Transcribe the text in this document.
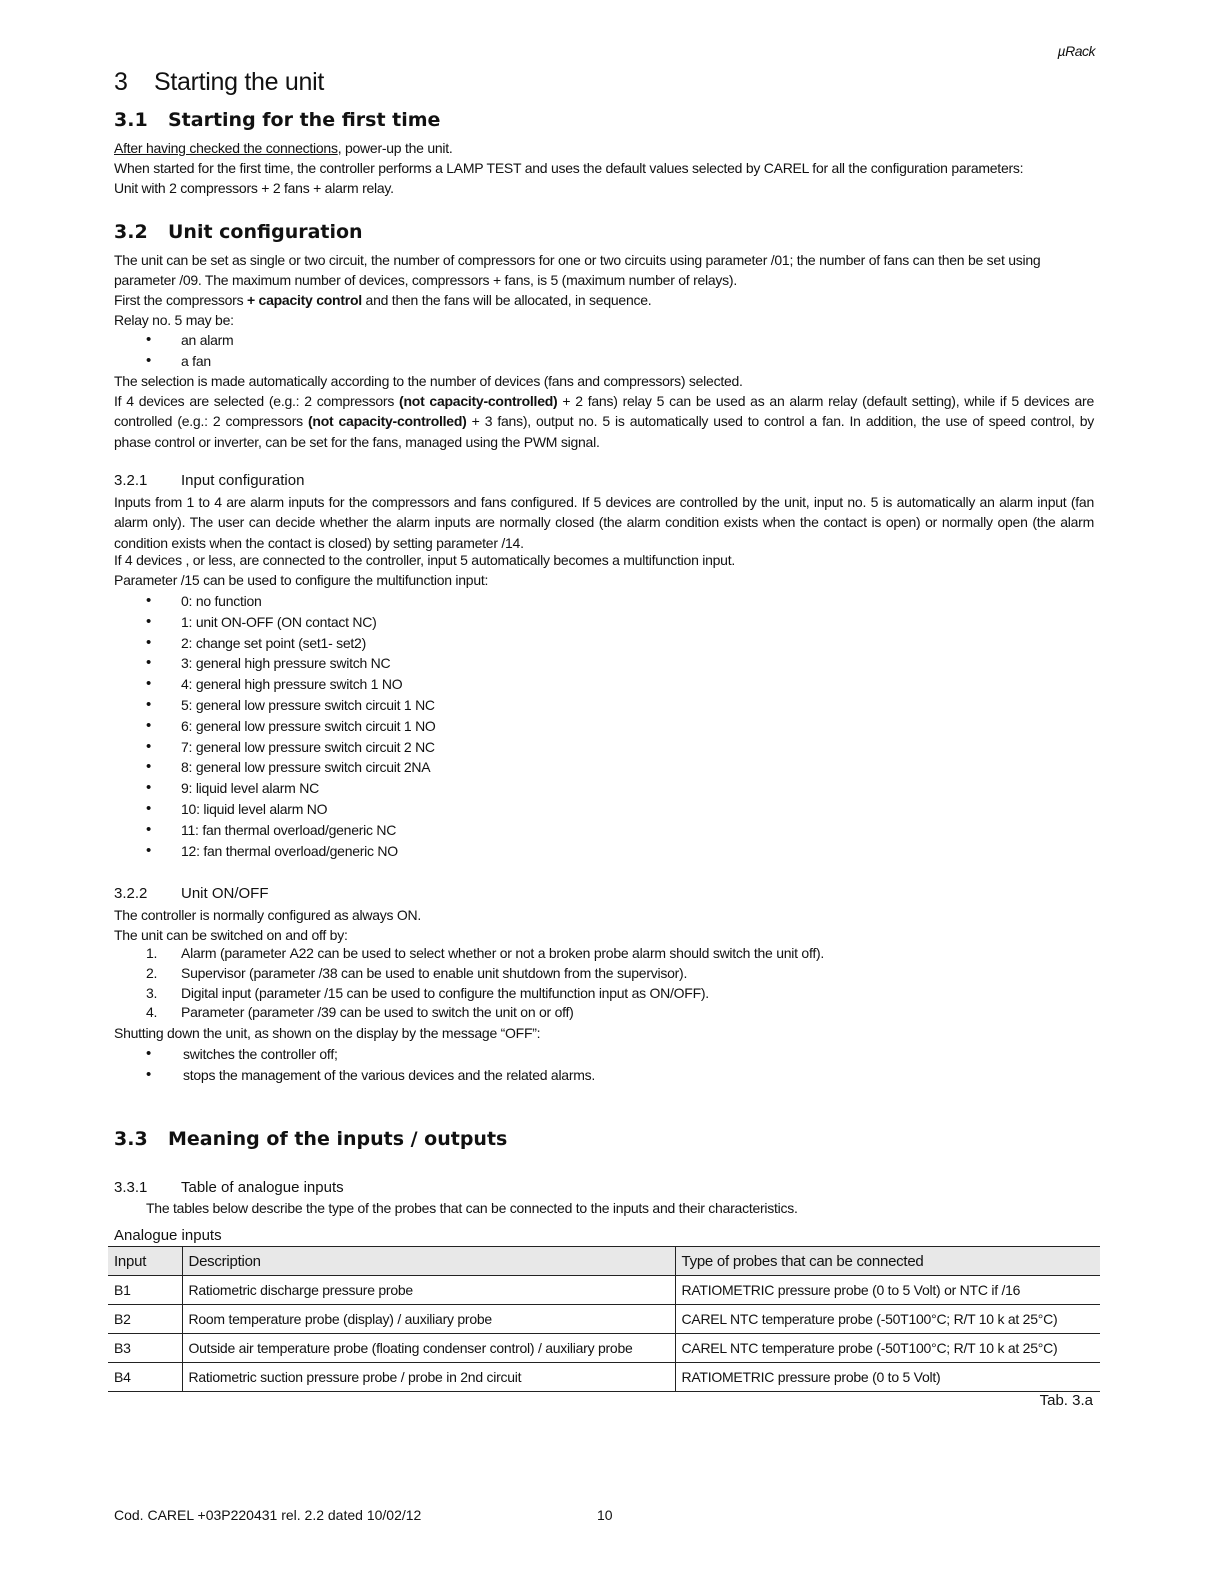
µRack
3 Starting the unit
3.1 Starting for the first time
After having checked the connections, power-up the unit.
When started for the first time, the controller performs a LAMP TEST and uses the default values selected by CAREL for all the configuration parameters:
Unit with 2 compressors + 2 fans + alarm relay.
3.2 Unit configuration
The unit can be set as single or two circuit, the number of compressors for one or two circuits using parameter /01; the number of fans can then be set using parameter /09. The maximum number of devices, compressors + fans, is 5 (maximum number of relays).
First the compressors + capacity control and then the fans will be allocated, in sequence.
Relay no. 5 may be:
• an alarm
• a fan
The selection is made automatically according to the number of devices (fans and compressors) selected.
If 4 devices are selected (e.g.: 2 compressors (not capacity-controlled) + 2 fans) relay 5 can be used as an alarm relay (default setting), while if 5 devices are controlled (e.g.: 2 compressors (not capacity-controlled) + 3 fans), output no. 5 is automatically used to control a fan. In addition, the use of speed control, by phase control or inverter, can be set for the fans, managed using the PWM signal.
3.2.1 Input configuration
Inputs from 1 to 4 are alarm inputs for the compressors and fans configured. If 5 devices are controlled by the unit, input no. 5 is automatically an alarm input (fan alarm only). The user can decide whether the alarm inputs are normally closed (the alarm condition exists when the contact is open) or normally open (the alarm condition exists when the contact is closed) by setting parameter /14.
If 4 devices , or less, are connected to the controller, input 5 automatically becomes a multifunction input.
Parameter /15 can be used to configure the multifunction input:
• 0: no function
• 1: unit ON-OFF (ON contact NC)
• 2: change set point (set1- set2)
• 3: general high pressure switch NC
• 4: general high pressure switch 1 NO
• 5: general low pressure switch circuit 1 NC
• 6: general low pressure switch circuit 1 NO
• 7: general low pressure switch circuit 2 NC
• 8: general low pressure switch circuit 2NA
• 9: liquid level alarm NC
• 10: liquid level alarm NO
• 11: fan thermal overload/generic NC
• 12: fan thermal overload/generic NO
3.2.2 Unit ON/OFF
The controller is normally configured as always ON.
The unit can be switched on and off by:
1. Alarm (parameter A22 can be used to select whether or not a broken probe alarm should switch the unit off).
2. Supervisor (parameter /38 can be used to enable unit shutdown from the supervisor).
3. Digital input (parameter /15 can be used to configure the multifunction input as ON/OFF).
4. Parameter (parameter /39 can be used to switch the unit on or off)
Shutting down the unit, as shown on the display by the message “OFF”:
• switches the controller off;
• stops the management of the various devices and the related alarms.
3.3 Meaning of the inputs / outputs
3.3.1 Table of analogue inputs
The tables below describe the type of the probes that can be connected to the inputs and their characteristics.
Analogue inputs
Input	Description	Type of probes that can be connected
B1	Ratiometric discharge pressure probe	RATIOMETRIC pressure probe (0 to 5 Volt) or NTC if /16
B2	Room temperature probe (display) / auxiliary probe	CAREL NTC temperature probe (-50T100°C; R/T 10 k at 25°C)
B3	Outside air temperature probe (floating condenser control) / auxiliary probe	CAREL NTC temperature probe (-50T100°C; R/T 10 k at 25°C)
B4	Ratiometric suction pressure probe / probe in 2nd circuit	RATIOMETRIC pressure probe (0 to 5 Volt)
Tab. 3.a
Cod. CAREL +03P220431 rel. 2.2 dated 10/02/12	10
